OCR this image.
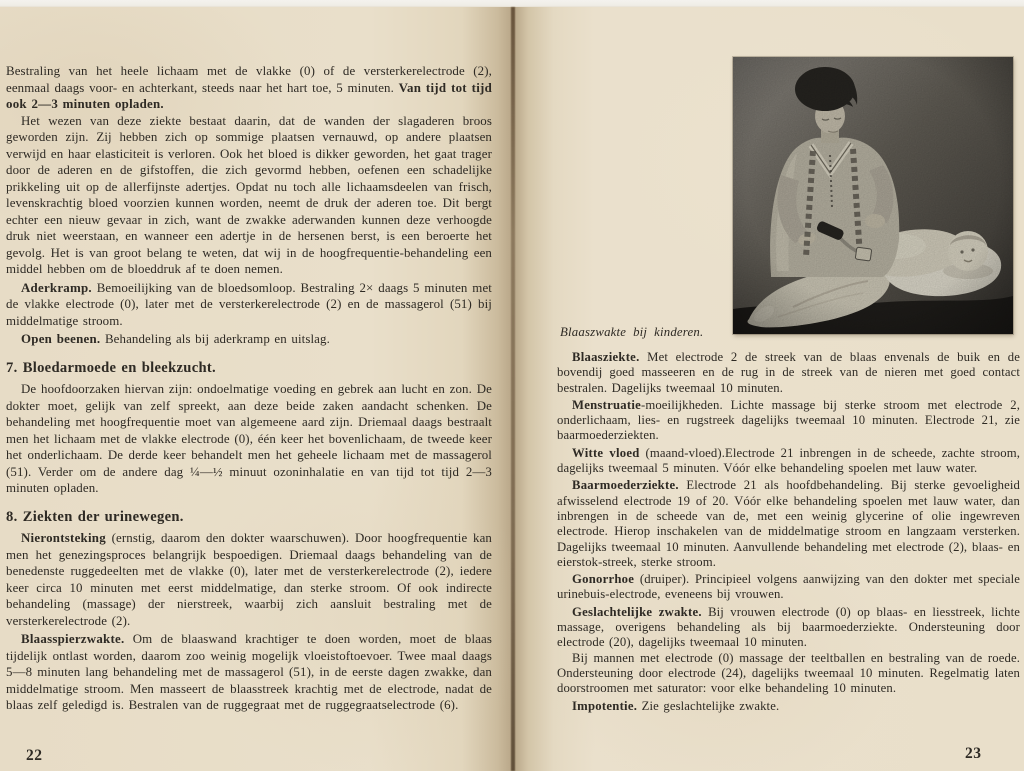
Bestraling van het heele lichaam met de vlakke (0) of de versterkerelectrode (2), eenmaal daags voor- en achterkant, steeds naar het hart toe, 5 minuten. Van tijd tot tijd ook 2—3 minuten opladen.

Het wezen van deze ziekte bestaat daarin, dat de wanden der slagaderen broos geworden zijn. Zij hebben zich op sommige plaatsen vernauwd, op andere plaatsen verwijd en haar elasticiteit is verloren. Ook het bloed is dikker geworden, het gaat trager door de aderen en de gifstoffen, die zich gevormd hebben, oefenen een schadelijke prikkeling uit op de allerfijnste adertjes. Opdat nu toch alle lichaamsdeelen van frisch, levenskrachtig bloed voorzien kunnen worden, neemt de druk der aderen toe. Dit bergt echter een nieuw gevaar in zich, want de zwakke aderwanden kunnen deze verhoogde druk niet weerstaan, en wanneer een adertje in de hersenen berst, is een beroerte het gevolg. Het is van groot belang te weten, dat wij in de hoogfrequentie-behandeling een middel hebben om de bloeddruk af te doen nemen.

Aderkramp. Bemoeilijking van de bloedsomloop. Bestraling 2× daags 5 minuten met de vlakke electrode (0), later met de versterkerelectrode (2) en de massagerol (51) bij middelmatige stroom.

Open beenen. Behandeling als bij aderkramp en uitslag.

7. Bloedarmoede en bleekzucht.

De hoofdoorzaken hiervan zijn: ondoelmatige voeding en gebrek aan lucht en zon. De dokter moet, gelijk van zelf spreekt, aan deze beide zaken aandacht schenken. De behandeling met hoogfrequentie moet van algemeene aard zijn. Driemaal daags bestraalt men het lichaam met de vlakke electrode (0), één keer het bovenlichaam, de tweede keer het onderlichaam. De derde keer behandelt men het geheele lichaam met de massagerol (51). Verder om de andere dag ¼—½ minuut ozoninhalatie en van tijd tot tijd 2—3 minuten opladen.

8. Ziekten der urinewegen.

Nierontsteking (ernstig, daarom den dokter waarschuwen). Door hoogfrequentie kan men het genezingsproces belangrijk bespoedigen. Driemaal daags behandeling van de benedenste ruggedeelten met de vlakke (0), later met de versterkerelectrode (2), iedere keer circa 10 minuten met eerst middelmatige, dan sterke stroom. Of ook indirecte behandeling (massage) der nierstreek, waarbij zich aansluit bestraling met de versterkerelectrode (2).

Blaasspierzwakte. Om de blaaswand krachtiger te doen worden, moet de blaas tijdelijk ontlast worden, daarom zoo weinig mogelijk vloeistoftoevoer. Twee maal daags 5—8 minuten lang behandeling met de massagerol (51), in de eerste dagen zwakke, dan middelmatige stroom. Men masseert de blaasstreek krachtig met de electrode, nadat de blaas zelf geledigd is. Bestralen van de ruggegraat met de ruggegraatselectrode (6).

22
Blaaszwakte bij kinderen.

Blaasziekte. Met electrode 2 de streek van de blaas envenals de buik en de bovendij goed masseeren en de rug in de streek van de nieren met goed contact bestralen. Dagelijks tweemaal 10 minuten.

Menstruatie-moeilijkheden. Lichte massage bij sterke stroom met electrode 2, onderlichaam, lies- en rugstreek dagelijks tweemaal 10 minuten. Electrode 21, zie baarmoederziekten.

Witte vloed (maand-vloed).Electrode 21 inbrengen in de scheede, zachte stroom, dagelijks tweemaal 5 minuten. Vóór elke behandeling spoelen met lauw water.

Baarmoederziekte. Electrode 21 als hoofdbehandeling. Bij sterke gevoeligheid afwisselend electrode 19 of 20. Vóór elke behandeling spoelen met lauw water, dan inbrengen in de scheede van de, met een weinig glycerine of olie ingewreven electrode. Hierop inschakelen van de middelmatige stroom en langzaam versterken. Dagelijks tweemaal 10 minuten. Aanvullende behandeling met electrode (2), blaas- en eierstok-streek, sterke stroom.

Gonorrhoe (druiper). Principieel volgens aanwijzing van den dokter met speciale urinebuis-electrode, eveneens bij vrouwen.

Geslachtelijke zwakte. Bij vrouwen electrode (0) op blaas- en liesstreek, lichte massage, overigens behandeling als bij baarmoederziekte. Ondersteuning door electrode (20), dagelijks tweemaal 10 minuten.

Bij mannen met electrode (0) massage der teeltballen en bestraling van de roede. Ondersteuning door electrode (24), dagelijks tweemaal 10 minuten. Regelmatig laten doorstroomen met saturator: voor elke behandeling 10 minuten.

Impotentie. Zie geslachtelijke zwakte.

23
